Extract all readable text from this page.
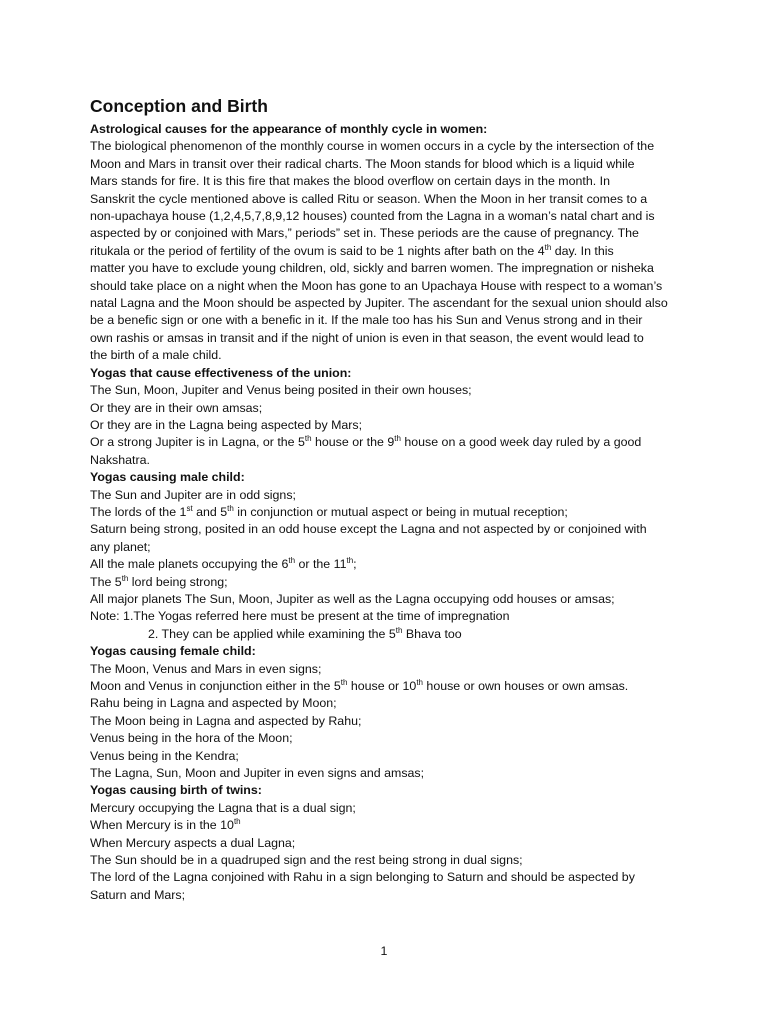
Conception and Birth

Astrological causes for the appearance of monthly cycle in women:

The biological phenomenon of the monthly course in women occurs in a cycle by the intersection of the

Moon and Mars in transit over their radical charts. The Moon stands for blood which is a liquid while

Mars stands for fire. It is this fire that makes the blood overflow on certain days in the month. In

Sanskrit the cycle mentioned above is called Ritu or season. When the Moon in her transit comes to a

non-upachaya house (1,2,4,5,7,8,9,12 houses) counted from the Lagna in a woman’s natal chart and is

aspected by or conjoined with Mars,” periods” set in. These periods are the cause of pregnancy. The

ritukala or the period of fertility of the ovum is said to be 1 nights after bath on the 4th day. In this

matter you have to exclude young children, old, sickly and barren women. The impregnation or nisheka

should take place on a night when the Moon has gone to an Upachaya House with respect to a woman’s

natal Lagna and the Moon should be aspected by Jupiter. The ascendant for the sexual union should also

be a benefic sign or one with a benefic in it. If the male too has his Sun and Venus strong and in their

own rashis or amsas in transit and if the night of union is even in that season, the event would lead to

the birth of a male child.

Yogas that cause effectiveness of the union:

The Sun, Moon, Jupiter and Venus being posited in their own houses;

Or they are in their own amsas;

Or they are in the Lagna being aspected by Mars;

Or a strong Jupiter is in Lagna, or the 5th house or the 9th house on a good week day ruled by a good

Nakshatra.

Yogas causing male child:

The Sun and Jupiter are in odd signs;

The lords of the 1st and 5th in conjunction or mutual aspect or being in mutual reception;

Saturn being strong, posited in an odd house except the Lagna and not aspected by or conjoined with

any planet;

All the male planets occupying the 6th or the 11th;

The 5th lord being strong;

All major planets The Sun, Moon, Jupiter as well as the Lagna occupying odd houses or amsas;

Note: 1.The Yogas referred here must be present at the time of impregnation

2. They can be applied while examining the 5th Bhava too

Yogas causing female child:

The Moon, Venus and Mars in even signs;

Moon and Venus in conjunction either in the 5th house or 10th house or own houses or own amsas.

Rahu being in Lagna and aspected by Moon;

The Moon being in Lagna and aspected by Rahu;

Venus being in the hora of the Moon;

Venus being in the Kendra;

The Lagna, Sun, Moon and Jupiter in even signs and amsas;

Yogas causing birth of twins:

Mercury occupying the Lagna that is a dual sign;

When Mercury is in the 10th

When Mercury aspects a dual Lagna;

The Sun should be in a quadruped sign and the rest being strong in dual signs;

The lord of the Lagna conjoined with Rahu in a sign belonging to Saturn and should be aspected by

Saturn and Mars;

1
